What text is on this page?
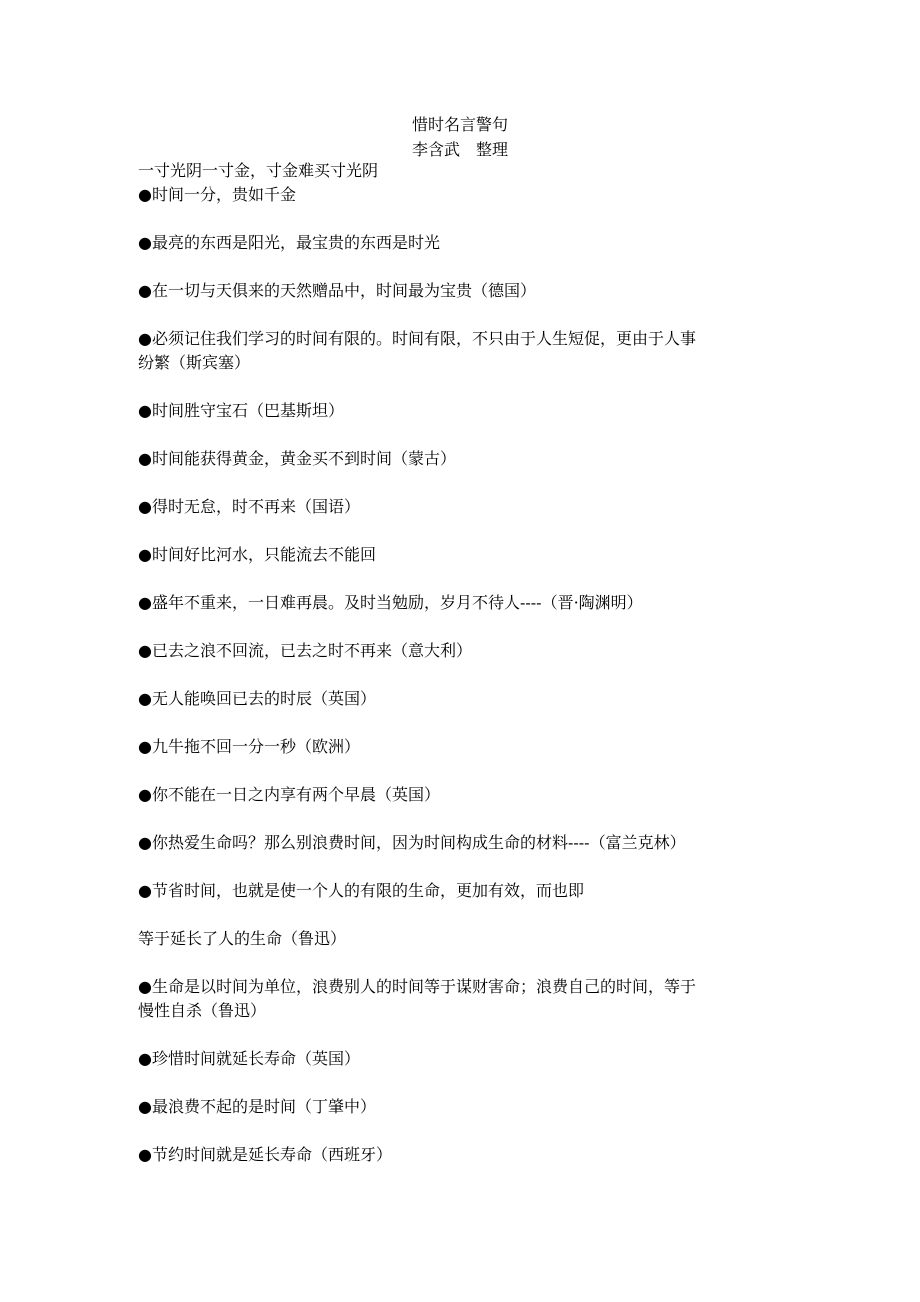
惜时名言警句
李含武　整理

一寸光阴一寸金，寸金难买寸光阴

●时间一分，贵如千金

●最亮的东西是阳光，最宝贵的东西是时光

●在一切与天俱来的天然赠品中，时间最为宝贵（德国）

●必须记住我们学习的时间有限的。时间有限，不只由于人生短促，更由于人事

纷繁（斯宾塞）

●时间胜守宝石（巴基斯坦）

●时间能获得黄金，黄金买不到时间（蒙古）

●得时无怠，时不再来（国语）

●时间好比河水，只能流去不能回

●盛年不重来，一日难再晨。及时当勉励，岁月不待人----（晋·陶渊明）

●已去之浪不回流，已去之时不再来（意大利）

●无人能唤回已去的时辰（英国）

●九牛拖不回一分一秒（欧洲）

●你不能在一日之内享有两个早晨（英国）

●你热爱生命吗？那么别浪费时间，因为时间构成生命的材料----（富兰克林）

●节省时间，也就是使一个人的有限的生命，更加有效，而也即

等于延长了人的生命（鲁迅）

●生命是以时间为单位，浪费别人的时间等于谋财害命；浪费自己的时间，等于

慢性自杀（鲁迅）

●珍惜时间就延长寿命（英国）

●最浪费不起的是时间（丁肇中）

●节约时间就是延长寿命（西班牙）
